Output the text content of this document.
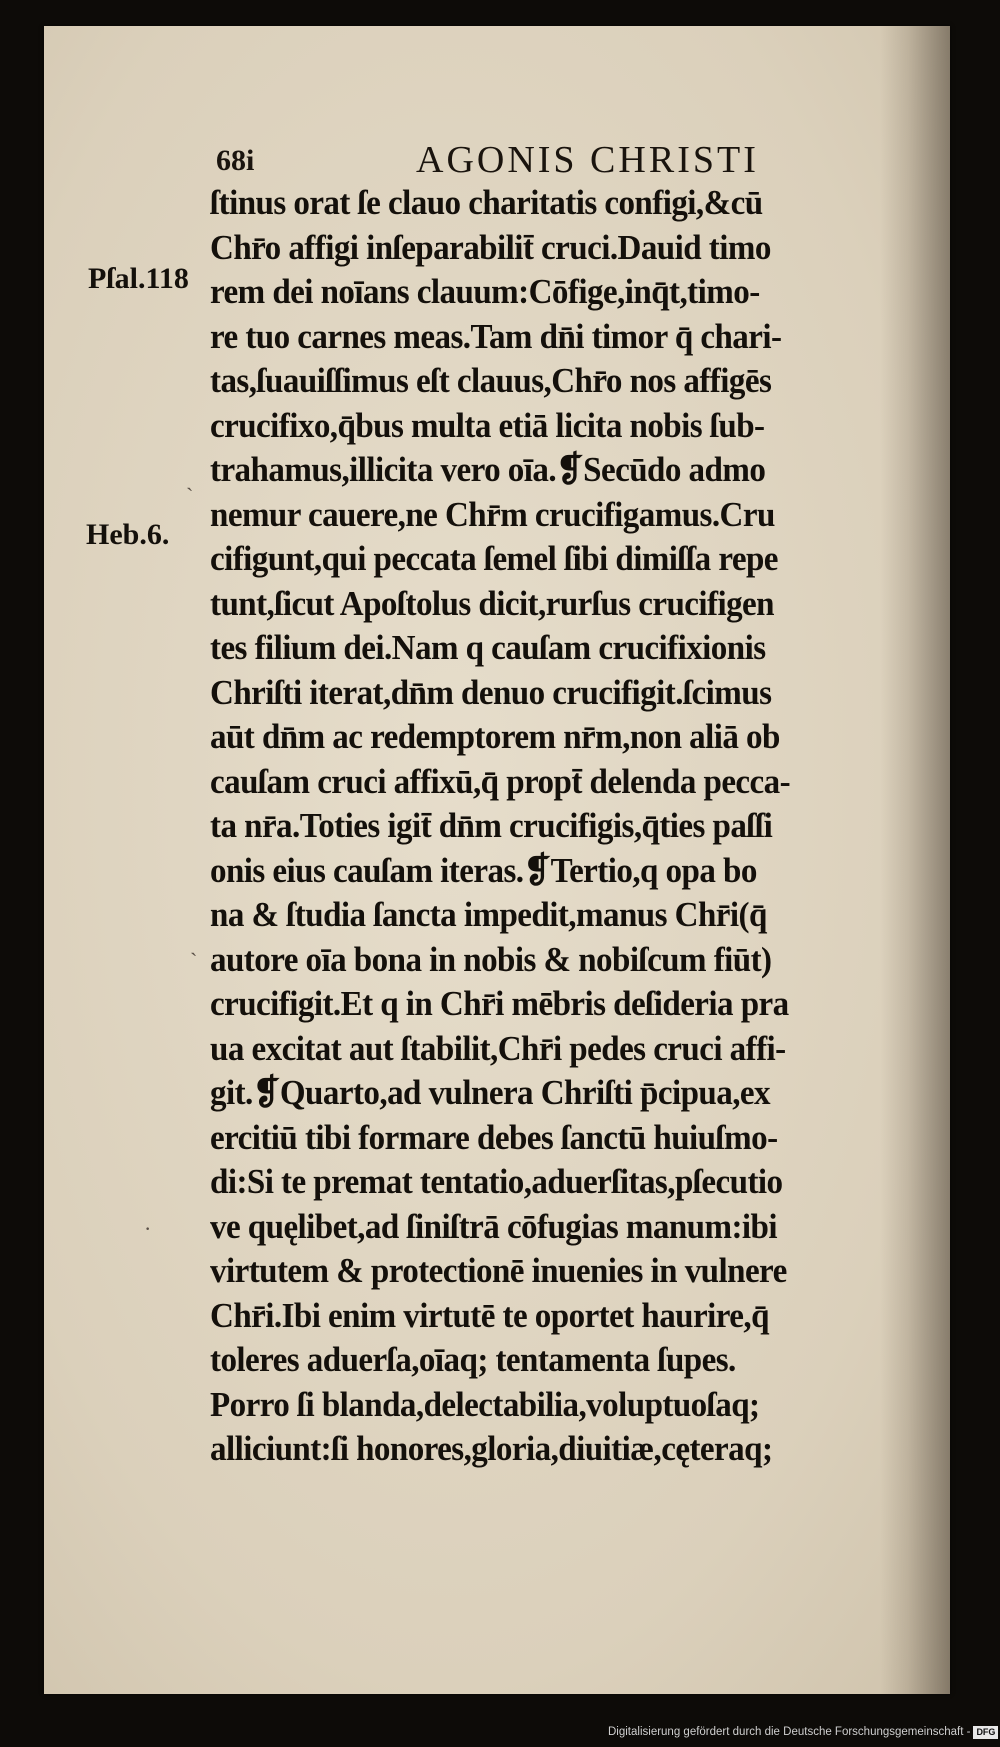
68i	AGONIS CHRISTI
Pſal.118
Heb.6.
ˏ
ˏ
·
ſtinus orat ſe clauo charitatis configi,&cū
Chr̄o affigi inſeparabilit̄ cruci.Dauid timo
rem dei noīans clauum:Cōfige,inq̄t,timo-
re tuo carnes meas.Tam dn̄i timor q̄ chari-
tas,ſuauiſſimus eſt clauus,Chr̄o nos affigēs
crucifixo,q̄bus multa etiā licita nobis ſub-
trahamus,illicita vero oīa.❡Secūdo admo
nemur cauere,ne Chr̄m crucifigamus.Cru
cifigunt,qui peccata ſemel ſibi dimiſſa repe
tunt,ſicut Apoſtolus dicit,rurſus crucifigen
tes filium dei.Nam q cauſam crucifixionis
Chriſti iterat,dn̄m denuo crucifigit.ſcimus
aūt dn̄m ac redemptorem nr̄m,non aliā ob
cauſam cruci affixū,q̄ propt̄ delenda pecca-
ta nr̄a.Toties igit̄ dn̄m crucifigis,q̄ties paſſi
onis eius cauſam iteras.❡Tertio,q opa bo
na & ſtudia ſancta impedit,manus Chr̄i(q̄
autore oīa bona in nobis & nobiſcum fiūt)
crucifigit.Et q in Chr̄i mēbris deſideria pra
ua excitat aut ſtabilit,Chr̄i pedes cruci affi-
git.❡Quarto,ad vulnera Chriſti p̄cipua,ex
ercitiū tibi formare debes ſanctū huiuſmo-
di:Si te premat tentatio,aduerſitas,pſecutio
ve quęlibet,ad ſiniſtrā cōfugias manum:ibi
virtutem & protectionē inuenies in vulnere
Chr̄i.Ibi enim virtutē te oportet haurire,q̄
toleres aduerſa,oīaq; tentamenta ſupes.
Porro ſi blanda,delectabilia,voluptuoſaq;
alliciunt:ſi honores,gloria,diuitiæ,cęteraq;
Digitalisierung gefördert durch die Deutsche Forschungsgemeinschaft - DFG
